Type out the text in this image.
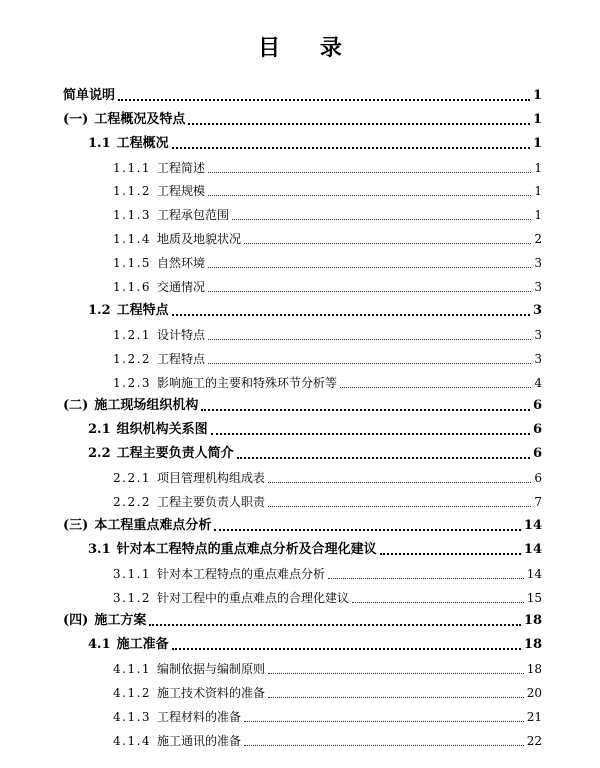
目 录
简单说明	1
(一) 工程概况及特点	1
1.1 工程概况	1
1.1.1 工程简述	1
1.1.2 工程规模	1
1.1.3 工程承包范围	1
1.1.4 地质及地貌状况	2
1.1.5 自然环境	3
1.1.6 交通情况	3
1.2 工程特点	3
1.2.1 设计特点	3
1.2.2 工程特点	3
1.2.3 影响施工的主要和特殊环节分析等	4
(二) 施工现场组织机构	6
2.1 组织机构关系图	6
2.2 工程主要负责人简介	6
2.2.1 项目管理机构组成表	6
2.2.2 工程主要负责人职责	7
(三) 本工程重点难点分析	14
3.1 针对本工程特点的重点难点分析及合理化建议	14
3.1.1 针对本工程特点的重点难点分析	14
3.1.2 针对工程中的重点难点的合理化建议	15
(四) 施工方案	18
4.1 施工准备	18
4.1.1 编制依据与编制原则	18
4.1.2 施工技术资料的准备	20
4.1.3 工程材料的准备	21
4.1.4 施工通讯的准备	22
